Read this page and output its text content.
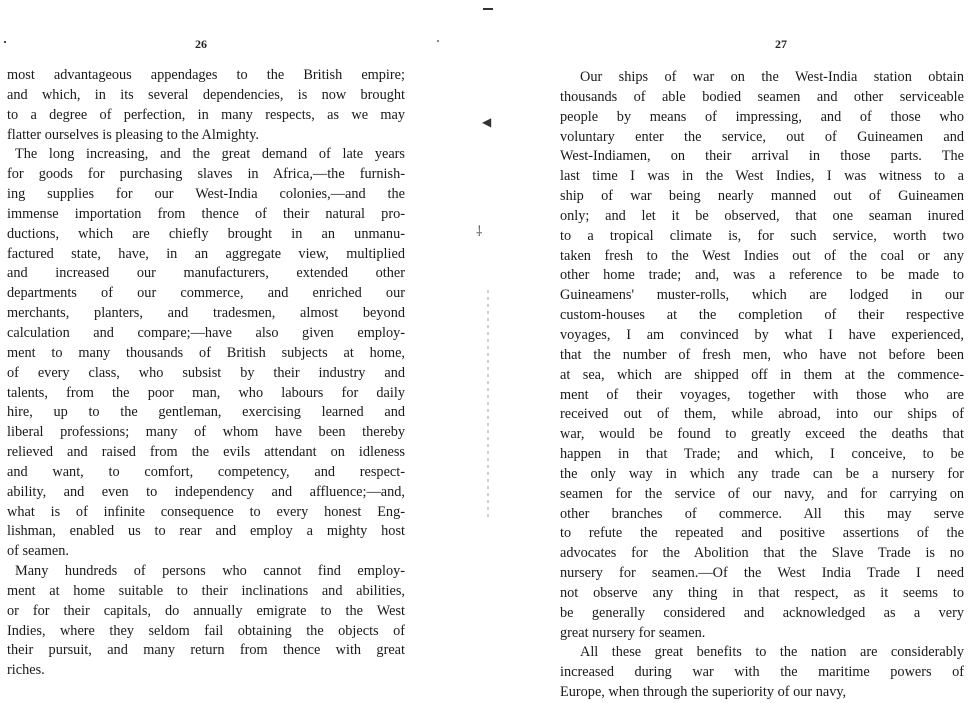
◀
⸸
26
most advantageous appendages to the British empire;
and which, in its several dependencies, is now brought
to a degree of perfection, in many respects, as we may
flatter ourselves is pleasing to the Almighty.
The long increasing, and the great demand of late years
for goods for purchasing slaves in Africa,—the furnish-
ing supplies for our West-India colonies,—and the
immense importation from thence of their natural pro-
ductions, which are chiefly brought in an unmanu-
factured state, have, in an aggregate view, multiplied
and increased our manufacturers, extended other
departments of our commerce, and enriched our
merchants, planters, and tradesmen, almost beyond
calculation and compare;—have also given employ-
ment to many thousands of British subjects at home,
of every class, who subsist by their industry and
talents, from the poor man, who labours for daily
hire, up to the gentleman, exercising learned and
liberal professions; many of whom have been thereby
relieved and raised from the evils attendant on idleness
and want, to comfort, competency, and respect-
ability, and even to independency and affluence;—and,
what is of infinite consequence to every honest Eng-
lishman, enabled us to rear and employ a mighty host
of seamen.
Many hundreds of persons who cannot find employ-
ment at home suitable to their inclinations and abilities,
or for their capitals, do annually emigrate to the West
Indies, where they seldom fail obtaining the objects of
their pursuit, and many return from thence with great
riches.
27
Our ships of war on the West-India station obtain
thousands of able bodied seamen and other serviceable
people by means of impressing, and of those who
voluntary enter the service, out of Guineamen and
West-Indiamen, on their arrival in those parts. The
last time I was in the West Indies, I was witness to a
ship of war being nearly manned out of Guineamen
only; and let it be observed, that one seaman inured
to a tropical climate is, for such service, worth two
taken fresh to the West Indies out of the coal or any
other home trade; and, was a reference to be made to
Guineamens' muster-rolls, which are lodged in our
custom-houses at the completion of their respective
voyages, I am convinced by what I have experienced,
that the number of fresh men, who have not before been
at sea, which are shipped off in them at the commence-
ment of their voyages, together with those who are
received out of them, while abroad, into our ships of
war, would be found to greatly exceed the deaths that
happen in that Trade; and which, I conceive, to be
the only way in which any trade can be a nursery for
seamen for the service of our navy, and for carrying on
other branches of commerce. All this may serve
to refute the repeated and positive assertions of the
advocates for the Abolition that the Slave Trade is no
nursery for seamen.—Of the West India Trade I need
not observe any thing in that respect, as it seems to
be generally considered and acknowledged as a very
great nursery for seamen.
All these great benefits to the nation are considerably
increased during war with the maritime powers of
Europe, when through the superiority of our navy,
